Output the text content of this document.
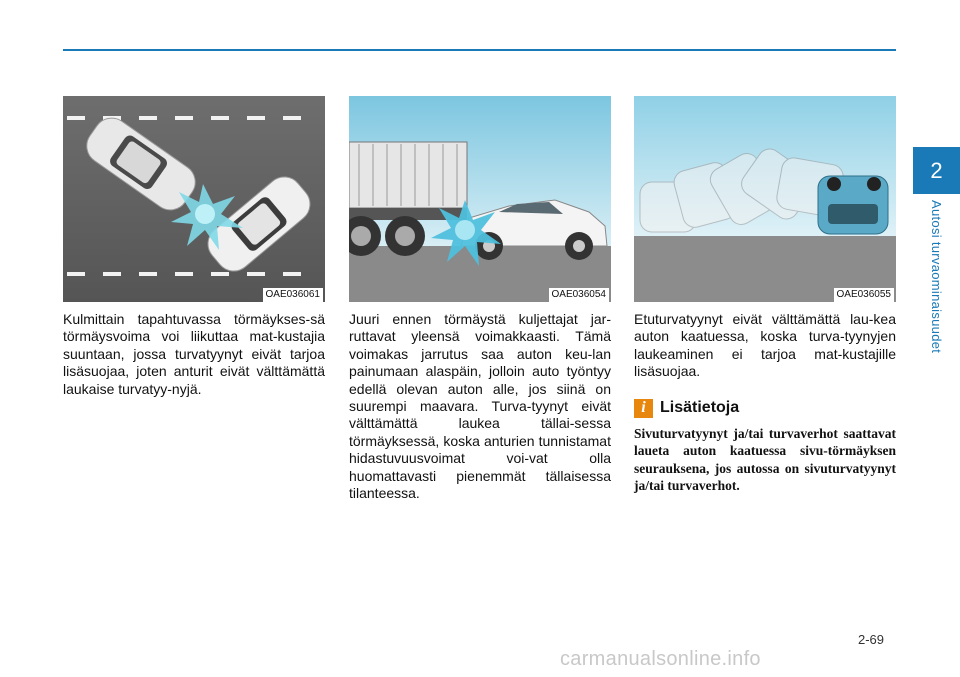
2
Autosi turvaominaisuudet
OAE036061	OAE036054	OAE036055
Kulmittain tapahtuvassa törmäykses-sä törmäysvoima voi liikuttaa mat-kustajia suuntaan, jossa turvatyynyt eivät tarjoa lisäsuojaa, joten anturit eivät välttämättä laukaise turvatyy-nyjä.
Juuri ennen törmäystä kuljettajat jar-ruttavat yleensä voimakkaasti. Tämä voimakas jarrutus saa auton keu-lan painumaan alaspäin, jolloin auto työntyy edellä olevan auton alle, jos siinä on suurempi maavara. Turva-tyynyt eivät välttämättä laukea tällai-sessa törmäyksessä, koska anturien tunnistamat hidastuvuusvoimat voi-vat olla huomattavasti pienemmät tällaisessa tilanteessa.
Etuturvatyynyt eivät välttämättä lau-kea auton kaatuessa, koska turva-tyynyjen laukeaminen ei tarjoa mat-kustajille lisäsuojaa.
i Lisätietoja
Sivuturvatyynyt ja/tai turvaverhot saattavat laueta auton kaatuessa sivu-törmäyksen seurauksena, jos autossa on sivuturvatyynyt ja/tai turvaverhot.
2-69
carmanualsonline.info
